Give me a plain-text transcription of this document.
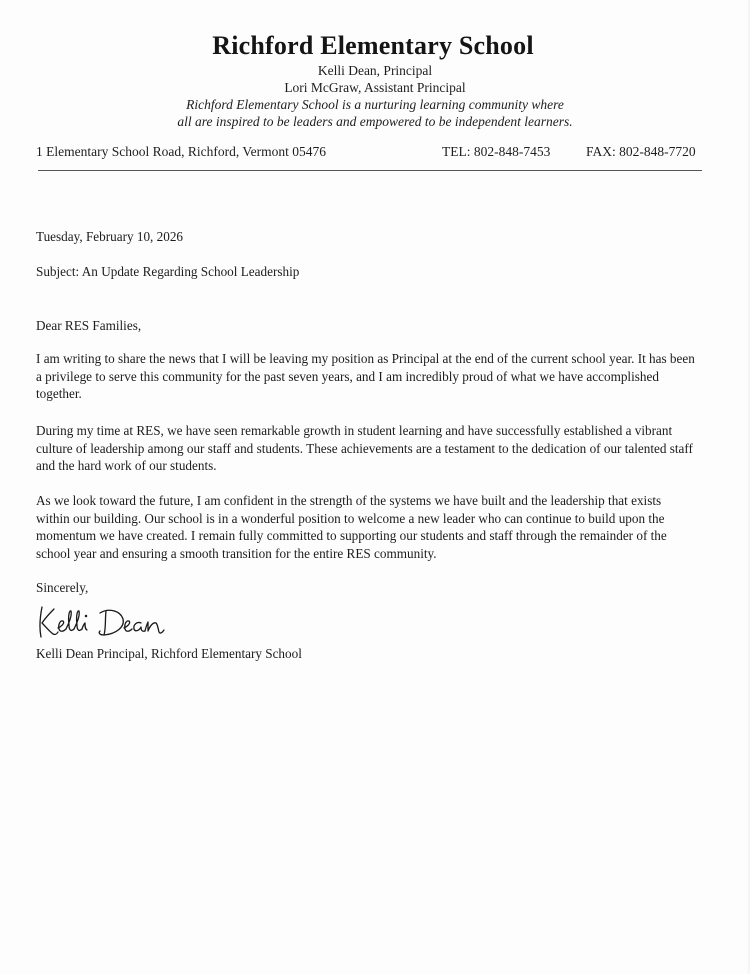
Richford Elementary School
Kelli Dean, Principal
Lori McGraw, Assistant Principal
Richford Elementary School is a nurturing learning community where
all are inspired to be leaders and empowered to be independent learners.
1 Elementary School Road, Richford, Vermont 05476	TEL: 802-848-7453	FAX: 802-848-7720
Tuesday, February 10, 2026
Subject: An Update Regarding School Leadership
Dear RES Families,
I am writing to share the news that I will be leaving my position as Principal at the end of the current school year. It has been a privilege to serve this community for the past seven years, and I am incredibly proud of what we have accomplished together.
During my time at RES, we have seen remarkable growth in student learning and have successfully established a vibrant culture of leadership among our staff and students. These achievements are a testament to the dedication of our talented staff and the hard work of our students.
As we look toward the future, I am confident in the strength of the systems we have built and the leadership that exists within our building. Our school is in a wonderful position to welcome a new leader who can continue to build upon the momentum we have created. I remain fully committed to supporting our students and staff through the remainder of the school year and ensuring a smooth transition for the entire RES community.
Sincerely,
Kelli Dean Principal, Richford Elementary School
